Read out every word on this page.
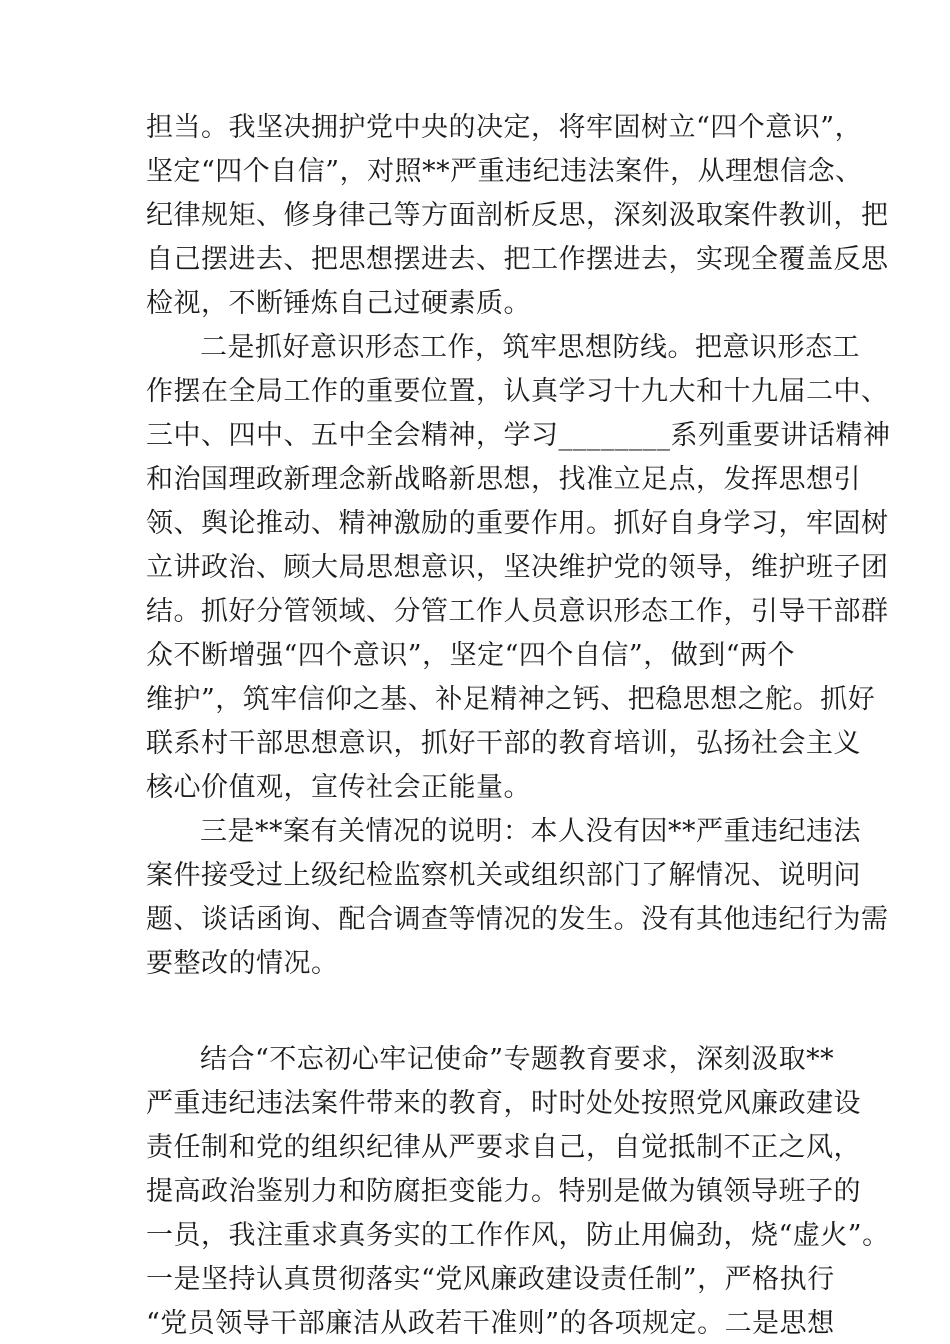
担当。我坚决拥护党中央的决定，将牢固树立“四个意识”，
坚定“四个自信”，对照**严重违纪违法案件，从理想信念、
纪律规矩、修身律己等方面剖析反思，深刻汲取案件教训，把
自己摆进去、把思想摆进去、把工作摆进去，实现全覆盖反思
检视，不断锤炼自己过硬素质。
二是抓好意识形态工作，筑牢思想防线。把意识形态工
作摆在全局工作的重要位置，认真学习十九大和十九届二中、
三中、四中、五中全会精神，学习________系列重要讲话精神
和治国理政新理念新战略新思想，找准立足点，发挥思想引
领、舆论推动、精神激励的重要作用。抓好自身学习，牢固树
立讲政治、顾大局思想意识，坚决维护党的领导，维护班子团
结。抓好分管领域、分管工作人员意识形态工作，引导干部群
众不断增强“四个意识”，坚定“四个自信”，做到“两个
维护”，筑牢信仰之基、补足精神之钙、把稳思想之舵。抓好
联系村干部思想意识，抓好干部的教育培训，弘扬社会主义
核心价值观，宣传社会正能量。
三是**案有关情况的说明：本人没有因**严重违纪违法
案件接受过上级纪检监察机关或组织部门了解情况、说明问
题、谈话函询、配合调查等情况的发生。没有其他违纪行为需
要整改的情况。
结合“不忘初心牢记使命”专题教育要求，深刻汲取**
严重违纪违法案件带来的教育，时时处处按照党风廉政建设
责任制和党的组织纪律从严要求自己，自觉抵制不正之风，
提高政治鉴别力和防腐拒变能力。特别是做为镇领导班子的
一员，我注重求真务实的工作作风，防止用偏劲，烧“虚火”。
一是坚持认真贯彻落实“党风廉政建设责任制”，严格执行
“党员领导干部廉洁从政若干准则”的各项规定。二是思想
